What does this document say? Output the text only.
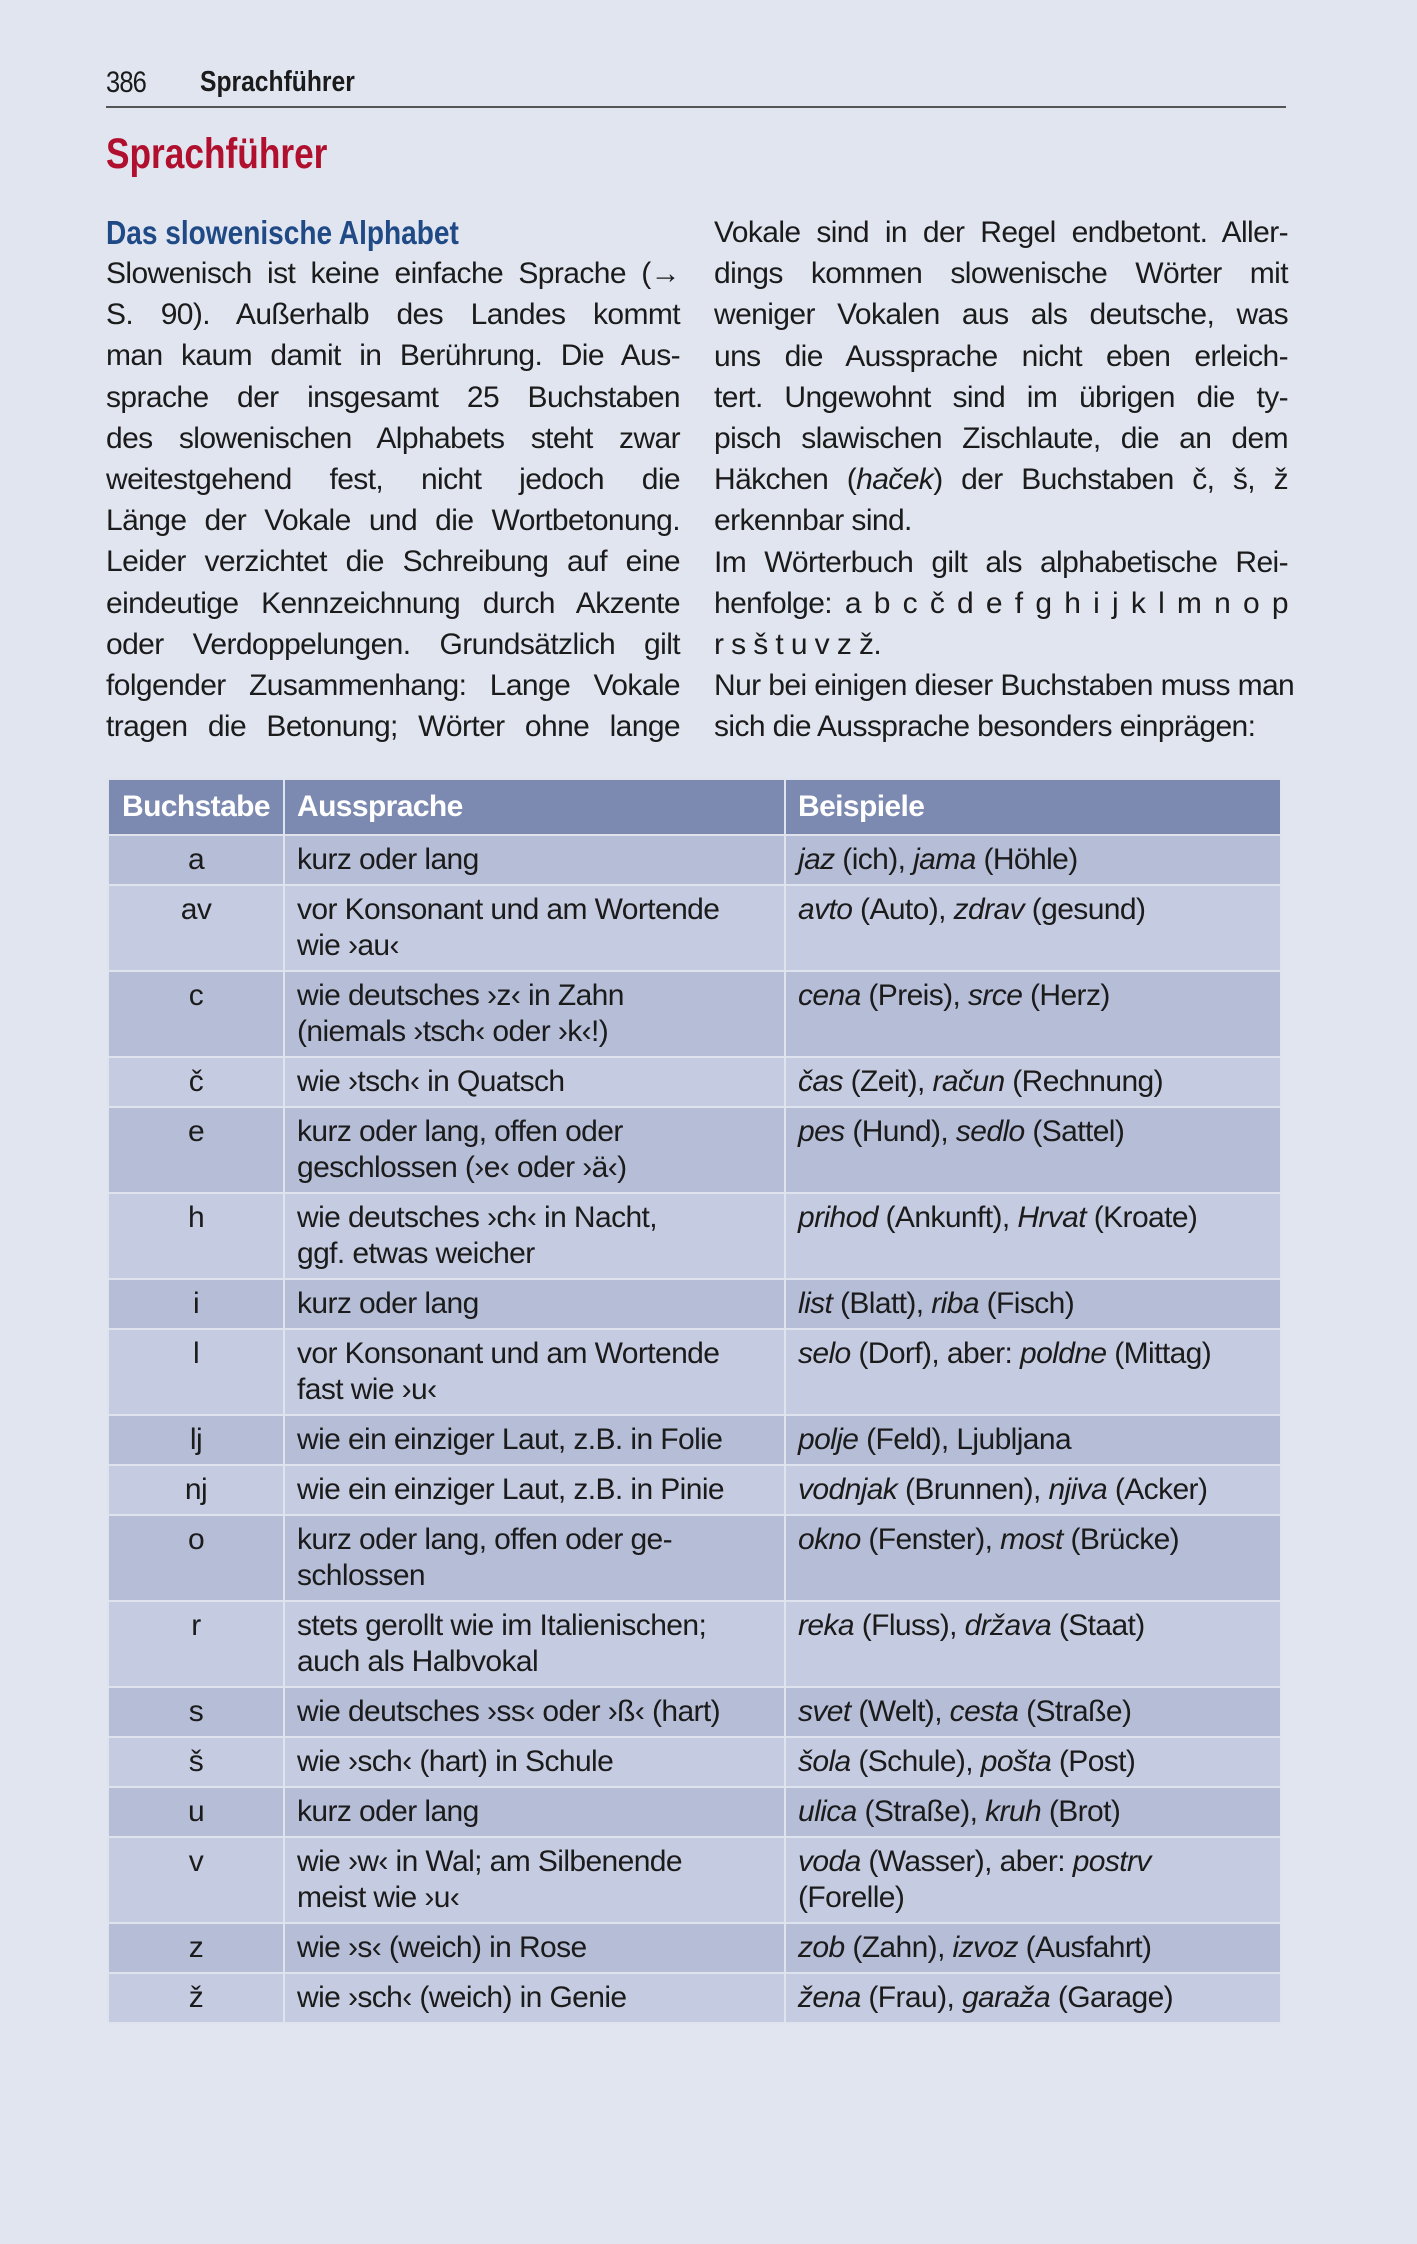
386 Sprachführer
Sprachführer
Das slowenische Alphabet
Slowenisch ist keine einfache Sprache (→
S. 90). Außerhalb des Landes kommt
man kaum damit in Berührung. Die Aus-
sprache der insgesamt 25 Buchstaben
des slowenischen Alphabets steht zwar
weitestgehend fest, nicht jedoch die
Länge der Vokale und die Wortbetonung.
Leider verzichtet die Schreibung auf eine
eindeutige Kennzeichnung durch Akzente
oder Verdoppelungen. Grundsätzlich gilt
folgender Zusammenhang: Lange Vokale
tragen die Betonung; Wörter ohne lange
Vokale sind in der Regel endbetont. Aller-
dings kommen slowenische Wörter mit
weniger Vokalen aus als deutsche, was
uns die Aussprache nicht eben erleich-
tert. Ungewohnt sind im übrigen die ty-
pisch slawischen Zischlaute, die an dem
Häkchen (haček) der Buchstaben č, š, ž
erkennbar sind.
Im Wörterbuch gilt als alphabetische Rei-
henfolge: a b c č d e f g h i j k l m n o p
r s š t u v z ž.
Nur bei einigen dieser Buchstaben muss man
sich die Aussprache besonders einprägen:
Buchstabe	Aussprache	Beispiele
a	kurz oder lang	jaz (ich), jama (Höhle)
av	vor Konsonant und am Wortende
wie ›au‹	avto (Auto), zdrav (gesund)
c	wie deutsches ›z‹ in Zahn
(niemals ›tsch‹ oder ›k‹!)	cena (Preis), srce (Herz)
č	wie ›tsch‹ in Quatsch	čas (Zeit), račun (Rechnung)
e	kurz oder lang, offen oder
geschlossen (›e‹ oder ›ä‹)	pes (Hund), sedlo (Sattel)
h	wie deutsches ›ch‹ in Nacht,
ggf. etwas weicher	prihod (Ankunft), Hrvat (Kroate)
i	kurz oder lang	list (Blatt), riba (Fisch)
l	vor Konsonant und am Wortende
fast wie ›u‹	selo (Dorf), aber: poldne (Mittag)
lj	wie ein einziger Laut, z.B. in Folie	polje (Feld), Ljubljana
nj	wie ein einziger Laut, z.B. in Pinie	vodnjak (Brunnen), njiva (Acker)
o	kurz oder lang, offen oder ge-
schlossen	okno (Fenster), most (Brücke)
r	stets gerollt wie im Italienischen;
auch als Halbvokal	reka (Fluss), država (Staat)
s	wie deutsches ›ss‹ oder ›ß‹ (hart)	svet (Welt), cesta (Straße)
š	wie ›sch‹ (hart) in Schule	šola (Schule), pošta (Post)
u	kurz oder lang	ulica (Straße), kruh (Brot)
v	wie ›w‹ in Wal; am Silbenende
meist wie ›u‹	voda (Wasser), aber: postrv
(Forelle)
z	wie ›s‹ (weich) in Rose	zob (Zahn), izvoz (Ausfahrt)
ž	wie ›sch‹ (weich) in Genie	žena (Frau), garaža (Garage)
